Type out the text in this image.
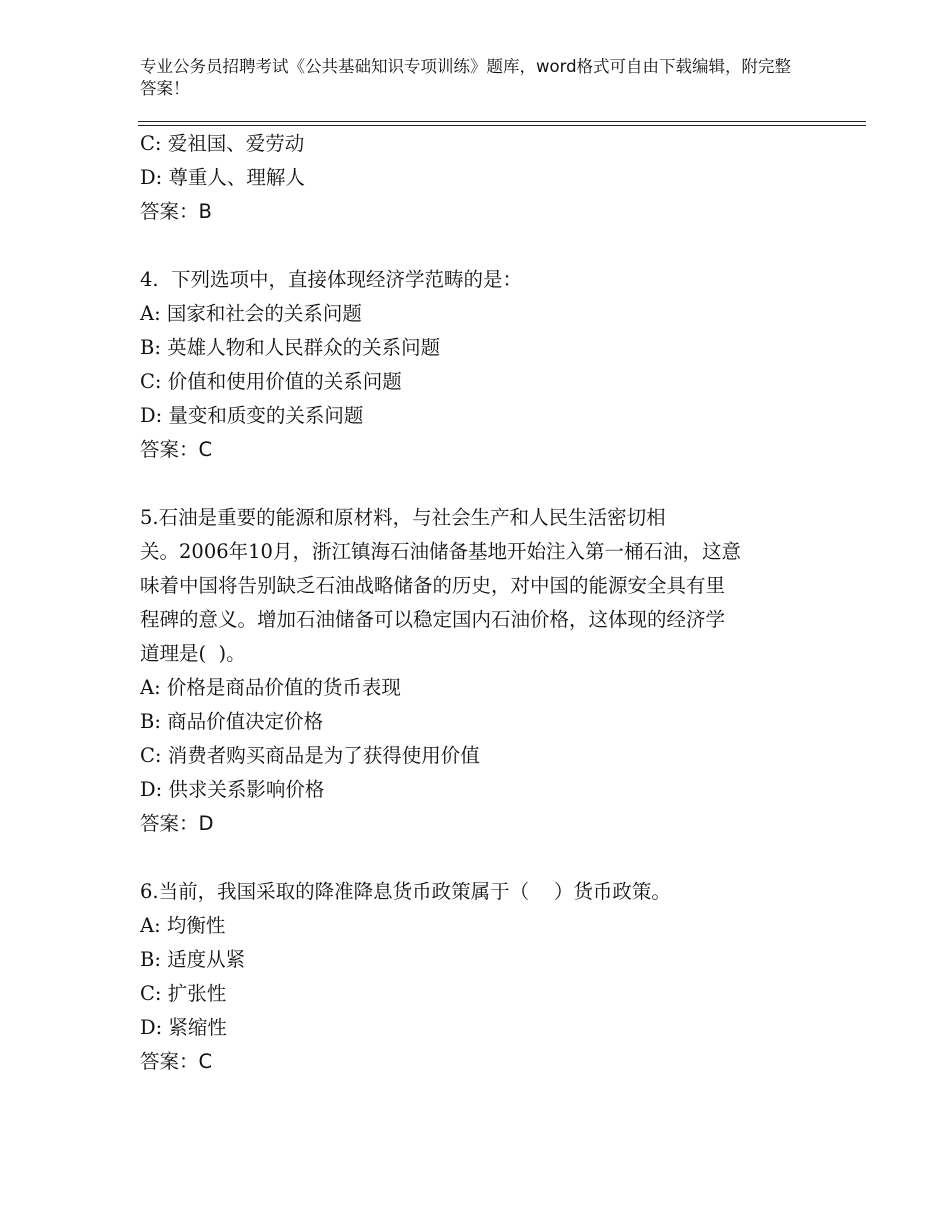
专业公务员招聘考试《公共基础知识专项训练》题库，word格式可自由下载编辑，附完整答案！
C: 爱祖国、爱劳动
D: 尊重人、理解人
答案：B
4.  下列选项中，直接体现经济学范畴的是：
A: 国家和社会的关系问题
B: 英雄人物和人民群众的关系问题
C: 价值和使用价值的关系问题
D: 量变和质变的关系问题
答案：C
5.石油是重要的能源和原材料，与社会生产和人民生活密切相
关。2006年10月，浙江镇海石油储备基地开始注入第一桶石油，这意
味着中国将告别缺乏石油战略储备的历史，对中国的能源安全具有里
程碑的意义。增加石油储备可以稳定国内石油价格，这体现的经济学
道理是(  )。
A: 价格是商品价值的货币表现
B: 商品价值决定价格
C: 消费者购买商品是为了获得使用价值
D: 供求关系影响价格
答案：D
6.当前，我国采取的降准降息货币政策属于（    ）货币政策。
A: 均衡性
B: 适度从紧
C: 扩张性
D: 紧缩性
答案：C
